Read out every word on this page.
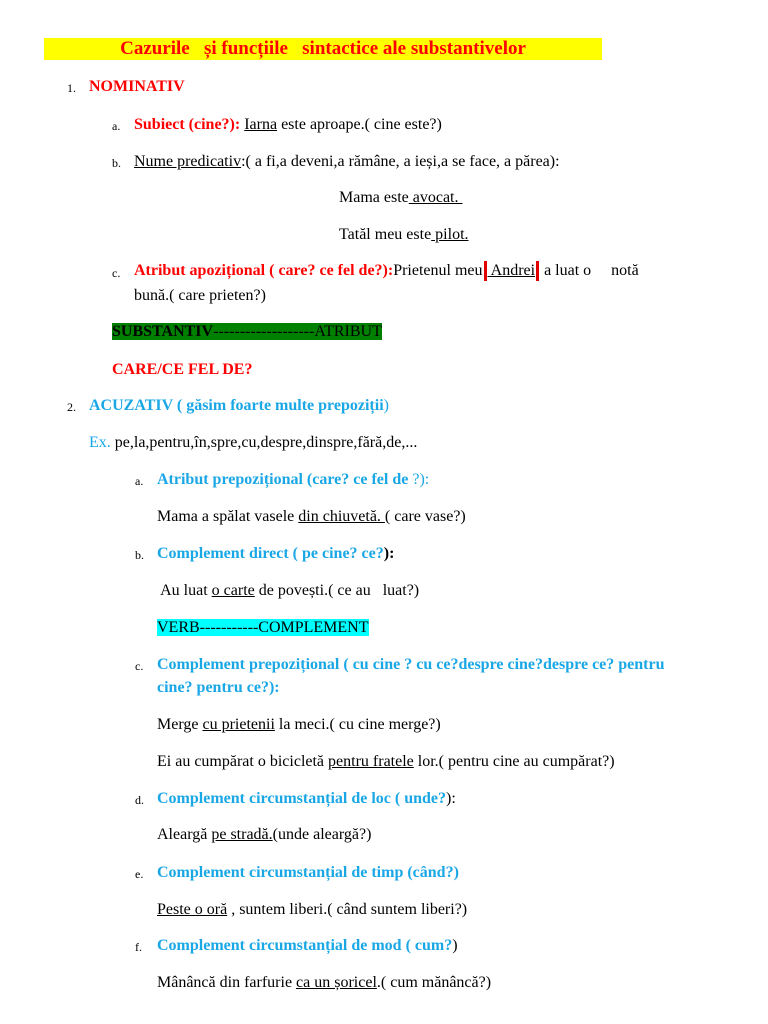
Cazurile   și funcțiile   sintactice ale substantivelor
1. NOMINATIV
a. Subiect (cine?): Iarna este aproape.( cine este?)
b. Nume predicativ:( a fi,a deveni,a rămâne, a ieși,a se face, a părea):
Mama este avocat.
Tatăl meu este pilot.
c. Atribut apozițional ( care? ce fel de?):Prietenul meu Andrei a luat o     notă
bună.( care prieten?)
SUBSTANTIV-------------------ATRIBUT
CARE/CE FEL DE?
2. ACUZATIV ( găsim foarte multe prepoziții)
Ex. pe,la,pentru,în,spre,cu,despre,dinspre,fără,de,...
a. Atribut prepozițional (care? ce fel de ?):
Mama a spălat vasele din chiuvetă. ( care vase?)
b. Complement direct ( pe cine? ce?):
Au luat o carte de povești.( ce au   luat?)
VERB-----------COMPLEMENT
c. Complement prepozițional ( cu cine ? cu ce?despre cine?despre ce? pentru
cine? pentru ce?):
Merge cu prietenii la meci.( cu cine merge?)
Ei au cumpărat o bicicletă pentru fratele lor.( pentru cine au cumpărat?)
d. Complement circumstanțial de loc ( unde?):
Aleargă pe stradă.(unde aleargă?)
e. Complement circumstanțial de timp (când?)
Peste o oră , suntem liberi.( când suntem liberi?)
f. Complement circumstanțial de mod ( cum?)
Mânâncă din farfurie ca un șoricel.( cum mănâncă?)
